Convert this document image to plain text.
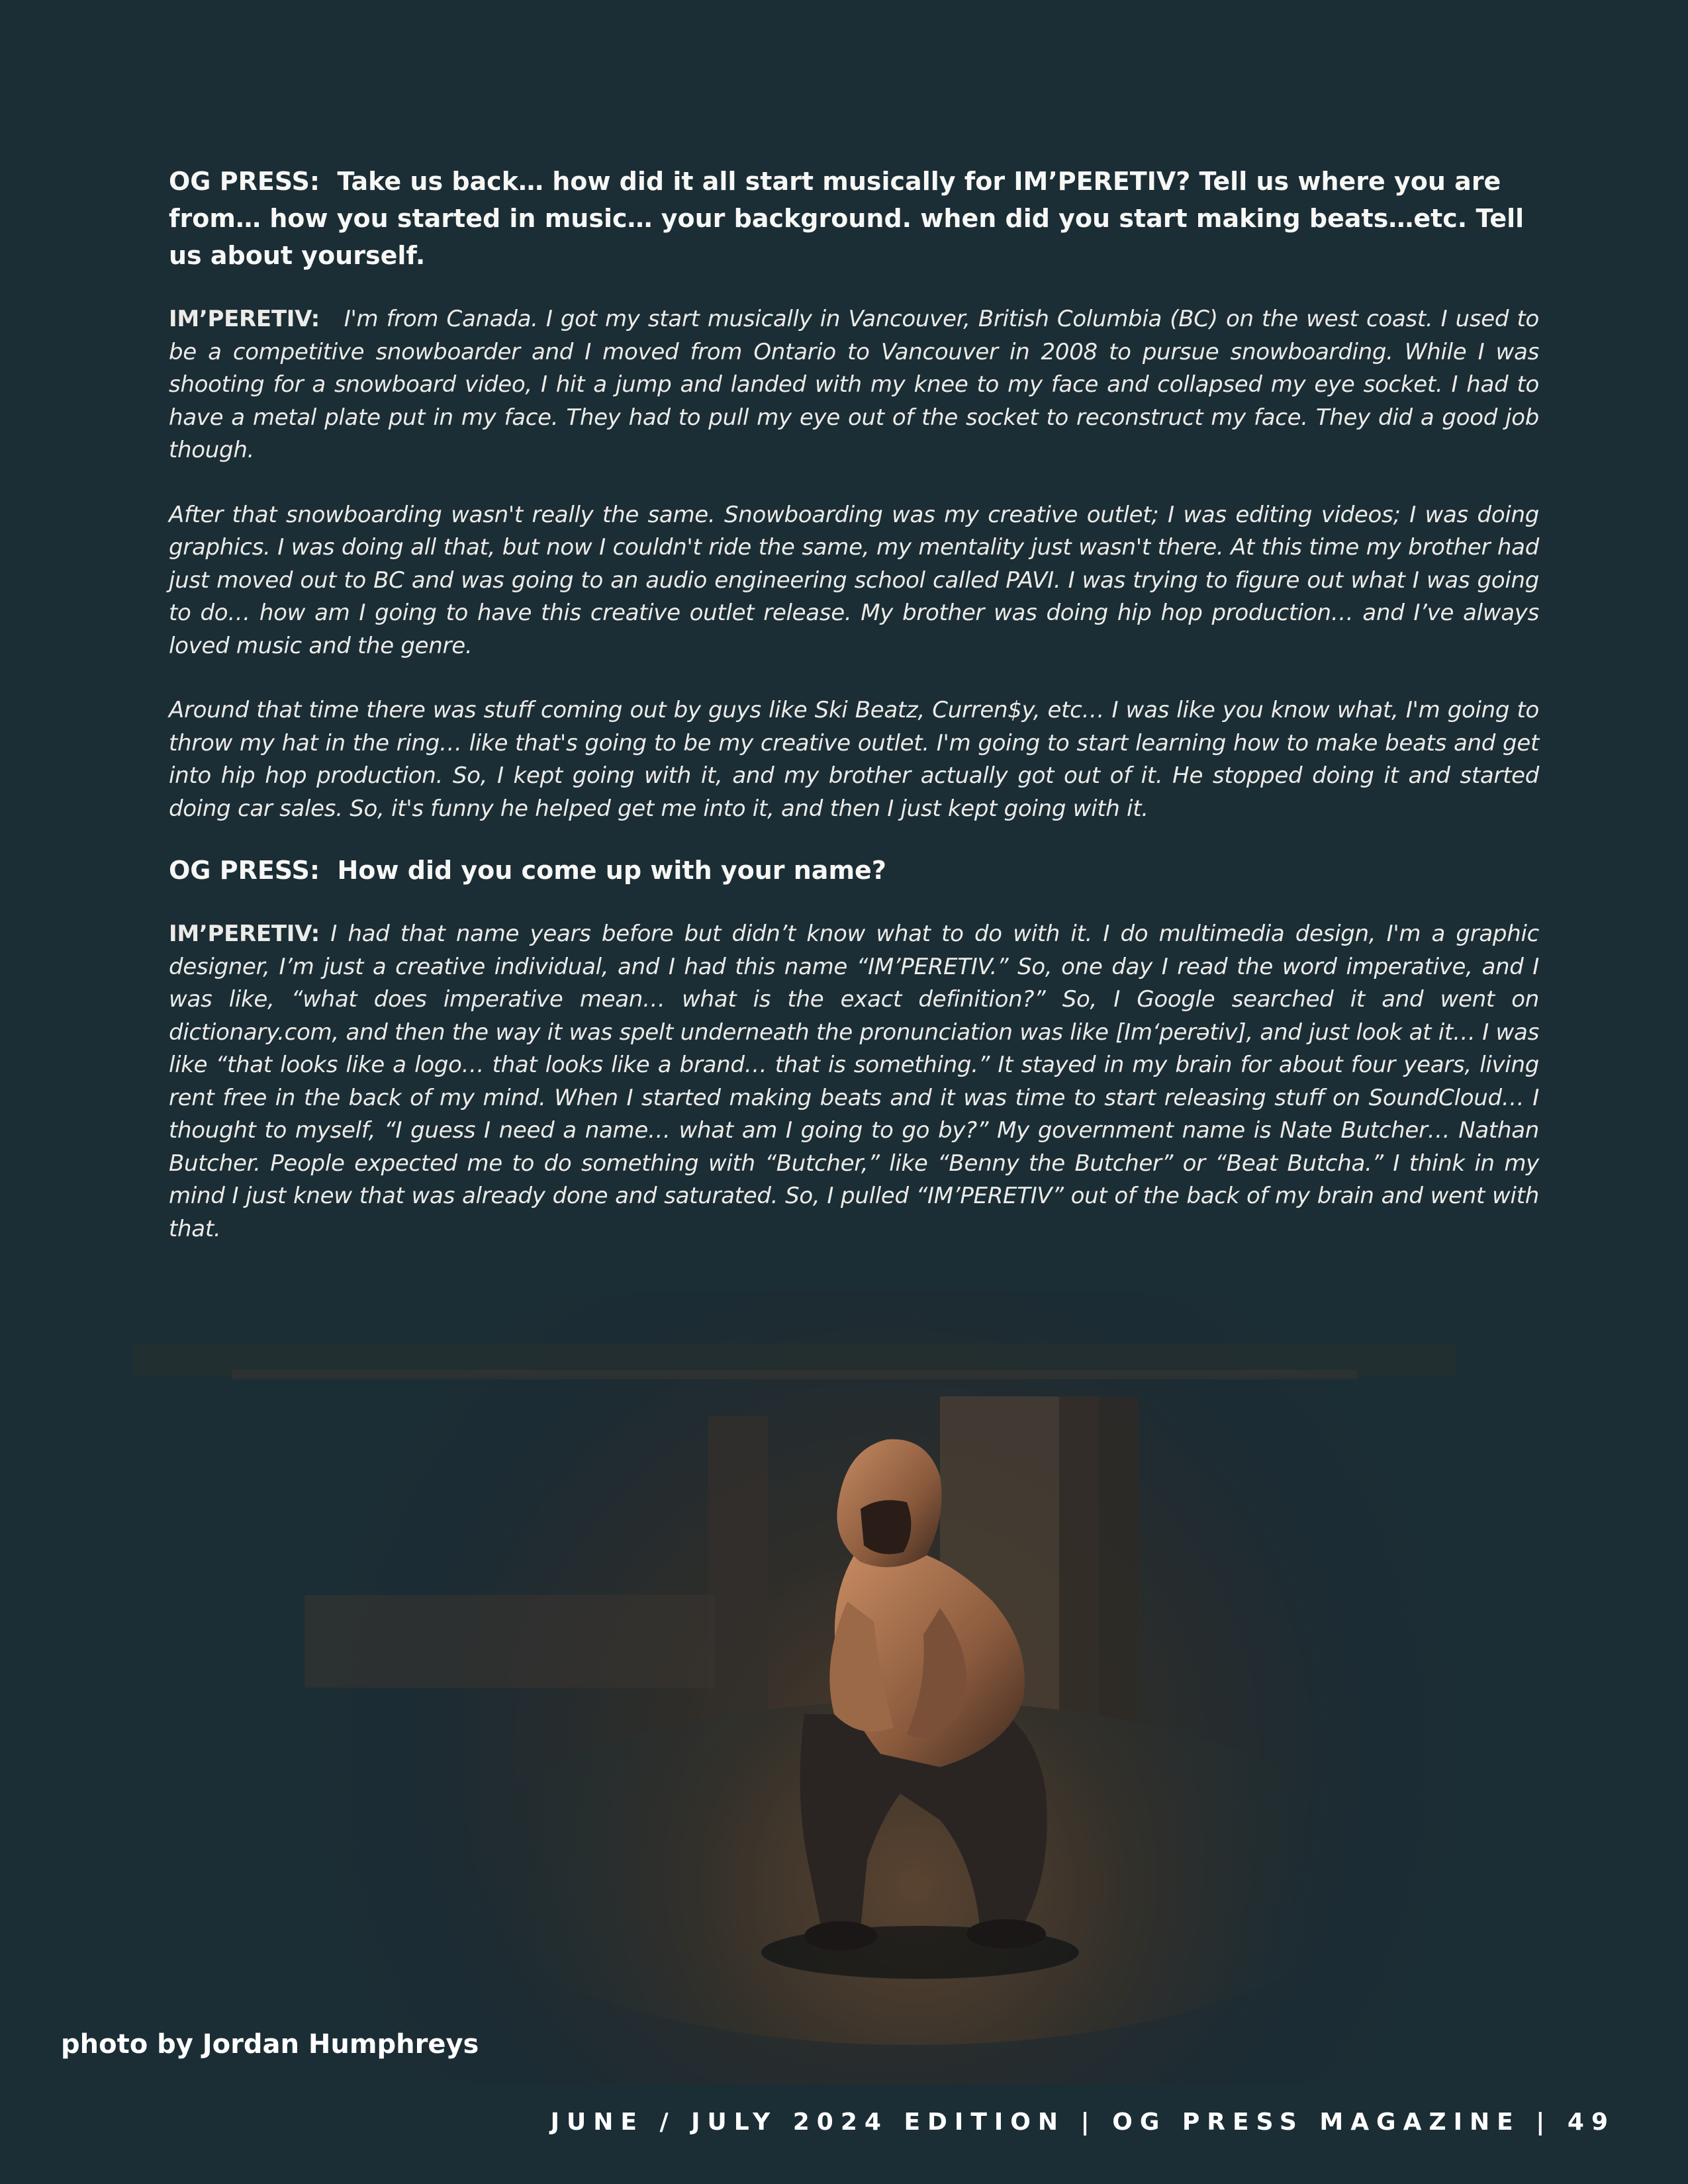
OG PRESS: Take us back… how did it all start musically for IM’PERETIV? Tell us where you are from… how you started in music… your background. when did you start making beats…etc. Tell us about yourself.

IM’PERETIV: I'm from Canada. I got my start musically in Vancouver, British Columbia (BC) on the west coast. I used to be a competitive snowboarder and I moved from Ontario to Vancouver in 2008 to pursue snowboarding. While I was shooting for a snowboard video, I hit a jump and landed with my knee to my face and collapsed my eye socket. I had to have a metal plate put in my face. They had to pull my eye out of the socket to reconstruct my face. They did a good job though.

After that snowboarding wasn't really the same. Snowboarding was my creative outlet; I was editing videos; I was doing graphics. I was doing all that, but now I couldn't ride the same, my mentality just wasn't there. At this time my brother had just moved out to BC and was going to an audio engineering school called PAVI. I was trying to figure out what I was going to do… how am I going to have this creative outlet release. My brother was doing hip hop production… and I’ve always loved music and the genre.

Around that time there was stuff coming out by guys like Ski Beatz, Curren$y, etc… I was like you know what, I'm going to throw my hat in the ring… like that's going to be my creative outlet. I'm going to start learning how to make beats and get into hip hop production. So, I kept going with it, and my brother actually got out of it. He stopped doing it and started doing car sales. So, it's funny he helped get me into it, and then I just kept going with it.

OG PRESS: How did you come up with your name?

IM’PERETIV: I had that name years before but didn’t know what to do with it. I do multimedia design, I'm a graphic designer, I’m just a creative individual, and I had this name “IM’PERETIV.” So, one day I read the word imperative, and I was like, “what does imperative mean… what is the exact definition?” So, I Google searched it and went on dictionary.com, and then the way it was spelt underneath the pronunciation was like [Im‘perətiv], and just look at it… I was like “that looks like a logo… that looks like a brand… that is something.” It stayed in my brain for about four years, living rent free in the back of my mind. When I started making beats and it was time to start releasing stuff on SoundCloud… I thought to myself, “I guess I need a name… what am I going to go by?” My government name is Nate Butcher… Nathan Butcher. People expected me to do something with “Butcher,” like “Benny the Butcher” or “Beat Butcha.” I think in my mind I just knew that was already done and saturated. So, I pulled “IM’PERETIV” out of the back of my brain and went with that.

photo by Jordan Humphreys
JUNE / JULY 2024 EDITION | OG PRESS MAGAZINE | 49
